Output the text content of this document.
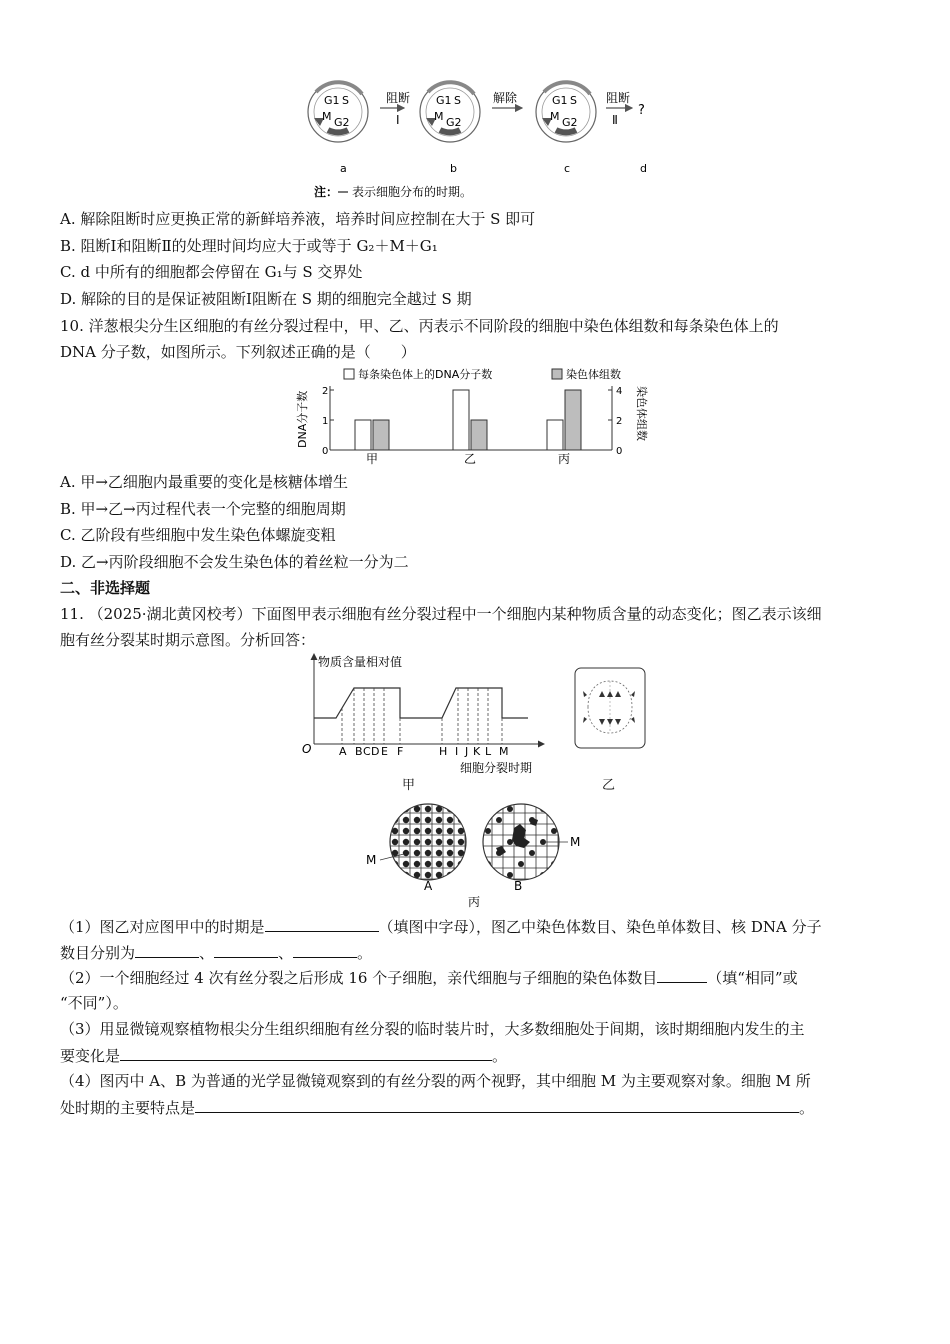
G1 S
M G2
G1 S
M G2
G1 S
M G2
阻断
Ⅰ
解除	阻断
Ⅱ
?
a	b	c	d
注： 表示细胞分布的时期。
A. 解除阻断时应更换正常的新鲜培养液，培养时间应控制在大于 S 即可
B. 阻断Ⅰ和阻断Ⅱ的处理时间均应大于或等于 G₂＋M＋G₁
C. d 中所有的细胞都会停留在 G₁与 S 交界处
D. 解除的目的是保证被阻断Ⅰ阻断在 S 期的细胞完全越过 S 期
10. 洋葱根尖分生区细胞的有丝分裂过程中，甲、乙、丙表示不同阶段的细胞中染色体组数和每条染色体上的
DNA 分子数，如图所示。下列叙述正确的是（　　）
0
1
2
0
2
4
DNA分子数	染色体组数
每条染色体上的DNA分子数	染色体组数
甲	乙	丙
A. 甲→乙细胞内最重要的变化是核糖体增生
B. 甲→乙→丙过程代表一个完整的细胞周期
C. 乙阶段有些细胞中发生染色体螺旋变粗
D. 乙→丙阶段细胞不会发生染色体的着丝粒一分为二
二、非选择题
11. （2025·湖北黄冈校考）下面图甲表示细胞有丝分裂过程中一个细胞内某种物质含量的动态变化；图乙表示该细
胞有丝分裂某时期示意图。分析回答：
物质含量相对值
O	A B C D E F	H I J K L M
细胞分裂时期
甲	乙
M
M
A	B
丙
（1）图乙对应图甲中的时期是	（填图中字母），图乙中染色体数目、染色单体数目、核 DNA 分子
数目分别为	、	、	。
（2）一个细胞经过 4 次有丝分裂之后形成 16 个子细胞，亲代细胞与子细胞的染色体数目	（填“相同”或
“不同”）。
（3）用显微镜观察植物根尖分生组织细胞有丝分裂的临时装片时，大多数细胞处于间期，该时期细胞内发生的主
要变化是	。
（4）图丙中 A、B 为普通的光学显微镜观察到的有丝分裂的两个视野，其中细胞 M 为主要观察对象。细胞 M 所
处时期的主要特点是	。
